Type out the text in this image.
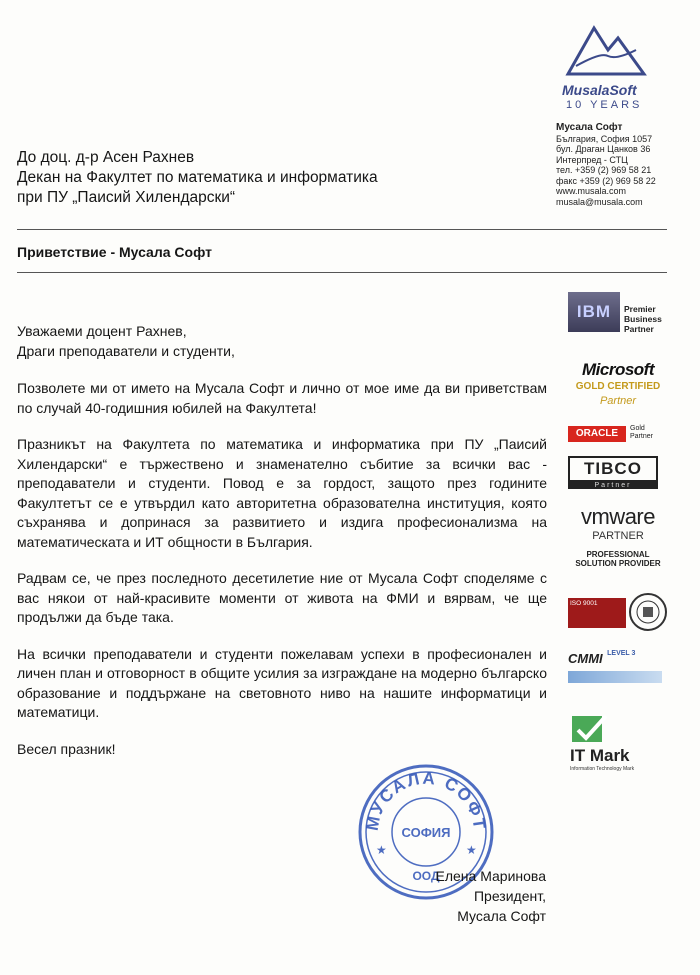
MusalaSoft
10 YEARS
Мусала Софт
България, София 1057
бул. Драган Цанков 36
Интерпред - СТЦ
тел. +359 (2) 969 58 21
факс +359 (2) 969 58 22
www.musala.com
musala@musala.com
До доц. д-р Асен Рахнев
Декан на Факултет по математика и информатика
при ПУ „Паисий Хилендарски“
Приветствие - Мусала Софт

Уважаеми доцент Рахнев,

Драги преподаватели и студенти,

Позволете ми от името на Мусала Софт и лично от мое име да ви приветствам по случай 40-годишния юбилей на Факултета!

Празникът на Факултета по математика и информатика при ПУ „Паисий Хилендарски“ е тържествено и знаменателно събитие за всички вас - преподаватели и студенти. Повод е за гордост, защото през годините Факултетът се е утвърдил като авторитетна образователна институция, която съхранява и допринася за развитието и издига професионализма на математическата и ИТ общности в България.

Радвам се, че през последното десетилетие ние от Мусала Софт споделяме с вас някои от най-красивите моменти от живота на ФМИ и вярвам, че ще продължи да бъде така.

На всички преподаватели и студенти пожелавам успехи в професионален и личен план и отговорност в общите усилия за изграждане на модерно българско образование и поддържане на световното ниво на нашите информатици и математици.

Весел празник!

МУСАЛА СОФТ
СОФИЯ
ООД
★	★
Елена Маринова
Президент,
Мусала Софт
IBM	Premier
Business
Partner
Microsoft
GOLD CERTIFIED
Partner
ORACLE	Gold
Partner
TIBCO
Partner
vmware
PARTNER
PROFESSIONAL
SOLUTION PROVIDER
ISO 9001
CMMI LEVEL 3
IT Mark
Information Technology Mark
